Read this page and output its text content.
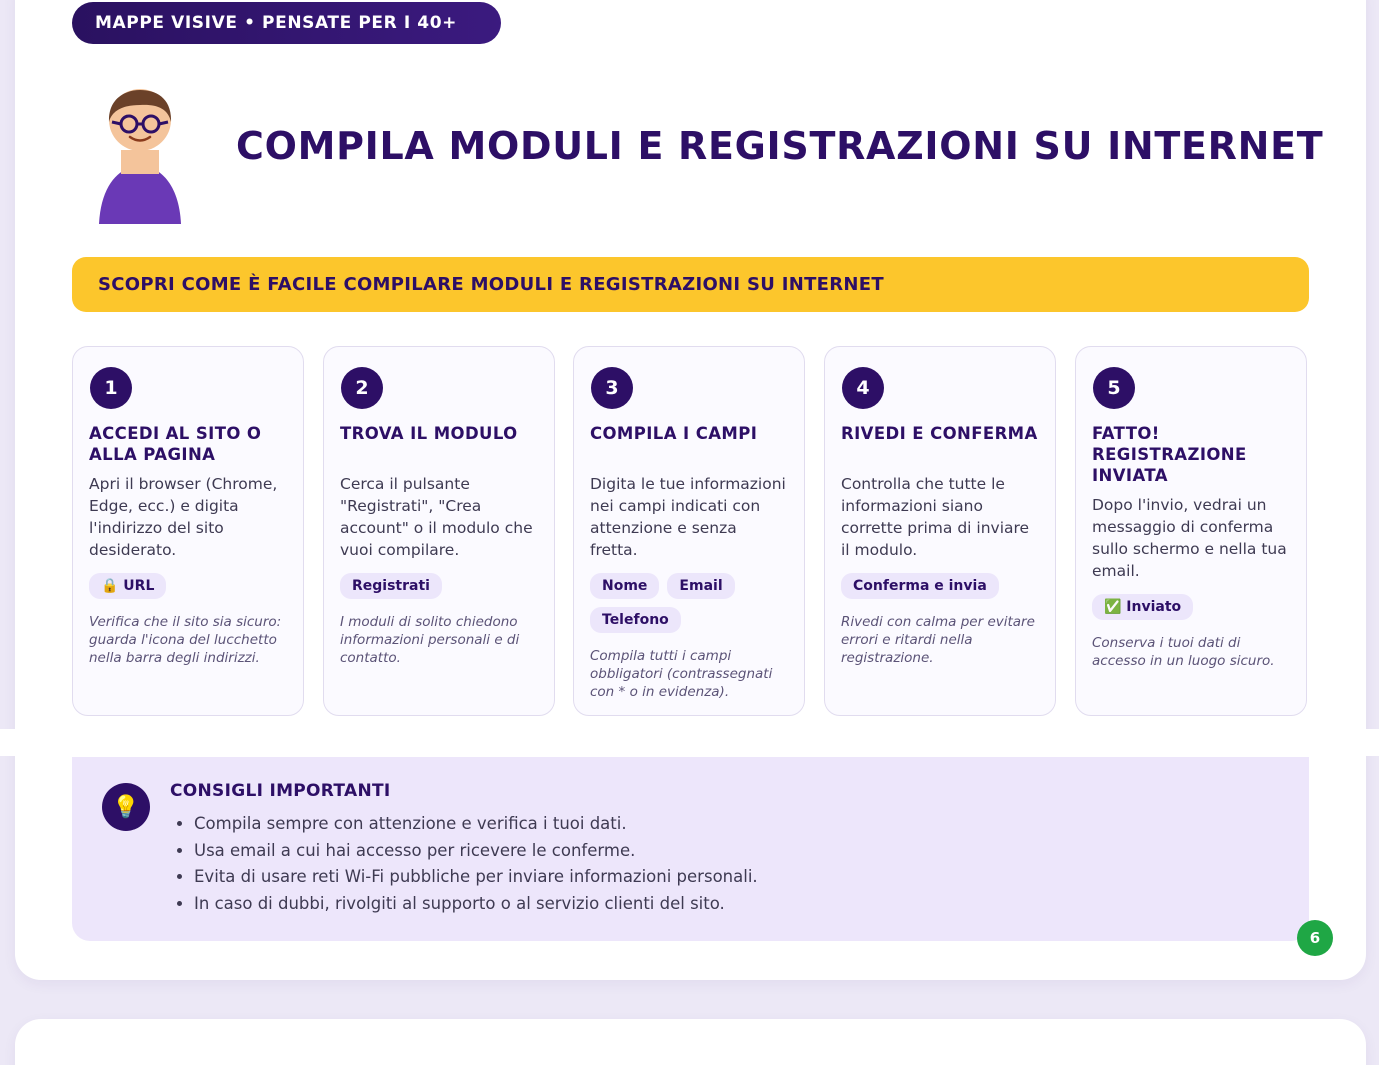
MAPPE VISIVE • PENSATE PER I 40+
COMPILA MODULI E REGISTRAZIONI SU INTERNET
SCOPRI COME È FACILE COMPILARE MODULI E REGISTRAZIONI SU INTERNET
1
ACCEDI AL SITO O ALLA PAGINA
Apri il browser (Chrome, Edge, ecc.) e digita l'indirizzo del sito desiderato.
🔒 URL
Verifica che il sito sia sicuro: guarda l'icona del lucchetto nella barra degli indirizzi.
2
TROVA IL MODULO
Cerca il pulsante "Registrati", "Crea account" o il modulo che vuoi compilare.
Registrati
I moduli di solito chiedono informazioni personali e di contatto.
3
COMPILA I CAMPI
Digita le tue informazioni nei campi indicati con attenzione e senza fretta.
Nome	Email
Telefono
Compila tutti i campi obbligatori (contrassegnati con * o in evidenza).
4
RIVEDI E CONFERMA
Controlla che tutte le informazioni siano corrette prima di inviare il modulo.
Conferma e invia
Rivedi con calma per evitare errori e ritardi nella registrazione.
5
FATTO! REGISTRAZIONE INVIATA
Dopo l'invio, vedrai un messaggio di conferma sullo schermo e nella tua email.
✅ Inviato
Conserva i tuoi dati di accesso in un luogo sicuro.
💡
CONSIGLI IMPORTANTI
• Compila sempre con attenzione e verifica i tuoi dati.
• Usa email a cui hai accesso per ricevere le conferme.
• Evita di usare reti Wi-Fi pubbliche per inviare informazioni personali.
• In caso di dubbi, rivolgiti al supporto o al servizio clienti del sito.
6
